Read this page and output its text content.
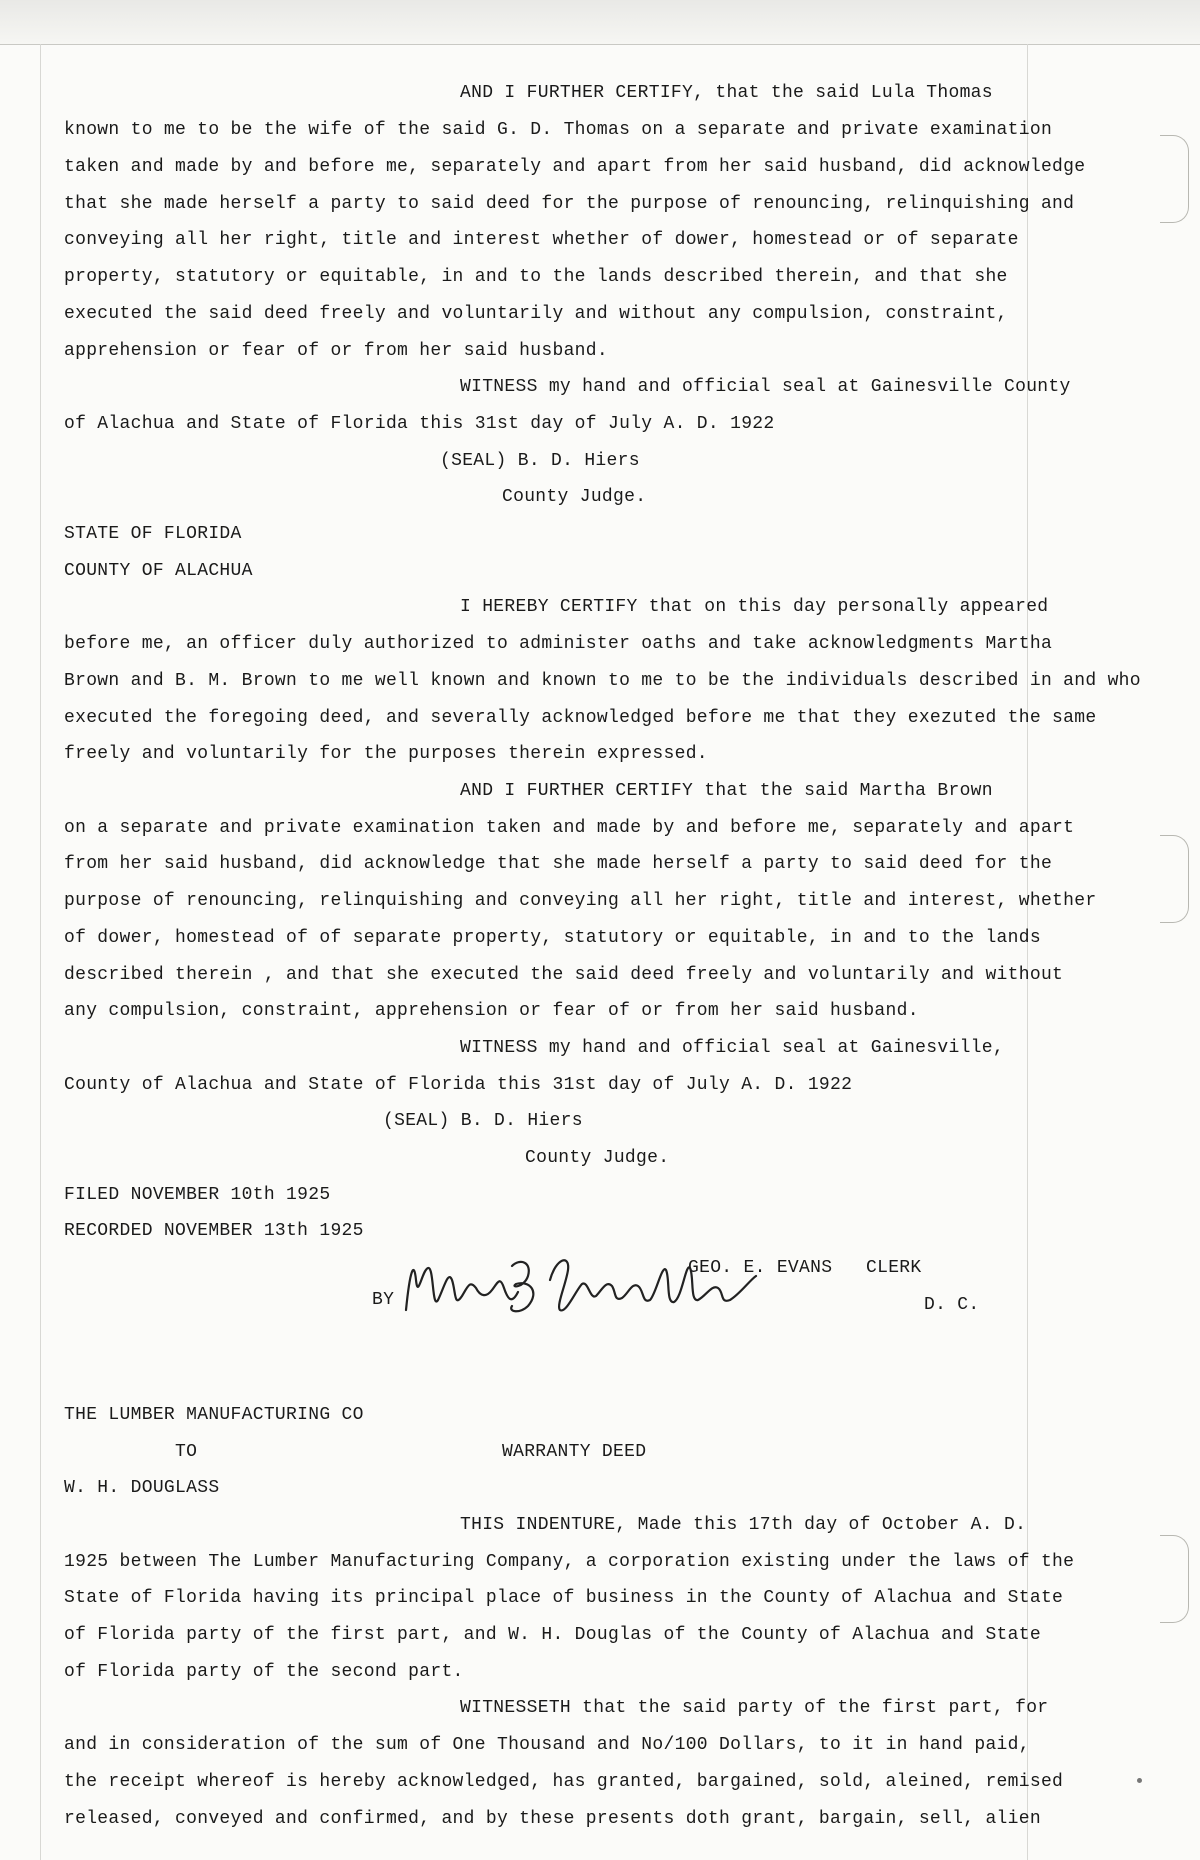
AND I FURTHER CERTIFY, that the said Lula Thomas
known to me to be the wife of the said G. D. Thomas on a separate and private examination
taken and made by and before me, separately and apart from her said husband, did acknowledge
that she made herself a party to said deed for the purpose of renouncing, relinquishing and
conveying all her right, title and interest whether of dower, homestead or of separate
property, statutory or equitable, in and to the lands described therein, and that she
executed the said deed freely and voluntarily and without any compulsion, constraint,
apprehension or fear of or from her said husband.
WITNESS my hand and official seal at Gainesville County
of Alachua and State of Florida this 31st day of July A. D. 1922
(SEAL) B. D. Hiers
County Judge.
STATE OF FLORIDA
COUNTY OF ALACHUA
I HEREBY CERTIFY that on this day personally appeared
before me, an officer duly authorized to administer oaths and take acknowledgments Martha
Brown and B. M. Brown to me well known and known to me to be the individuals described in and who
executed the foregoing deed, and severally acknowledged before me that they exezuted the same
freely and voluntarily for the purposes therein expressed.
AND I FURTHER CERTIFY that the said Martha Brown
on a separate and private examination taken and made by and before me, separately and apart
from her said husband, did acknowledge that she made herself a party to said deed for the
purpose of renouncing, relinquishing and conveying all her right, title and interest, whether
of dower, homestead of of separate property, statutory or equitable, in and to the lands
described therein , and that she executed the said deed freely and voluntarily and without
any compulsion, constraint, apprehension or fear of or from her said husband.
WITNESS my hand and official seal at Gainesville,
County of Alachua and State of Florida this 31st day of July A. D. 1922
(SEAL) B. D. Hiers
County Judge.
FILED NOVEMBER 10th 1925
RECORDED NOVEMBER 13th 1925
GEO. E. EVANS CLERK
BY	D. C.
THE LUMBER MANUFACTURING CO
TO	WARRANTY DEED
W. H. DOUGLASS
THIS INDENTURE, Made this 17th day of October A. D.
1925 between The Lumber Manufacturing Company, a corporation existing under the laws of the
State of Florida having its principal place of business in the County of Alachua and State
of Florida party of the first part, and W. H. Douglas of the County of Alachua and State
of Florida party of the second part.
WITNESSETH that the said party of the first part, for
and in consideration of the sum of One Thousand and No/100 Dollars, to it in hand paid,
the receipt whereof is hereby acknowledged, has granted, bargained, sold, aleined, remised
released, conveyed and confirmed, and by these presents doth grant, bargain, sell, alien
